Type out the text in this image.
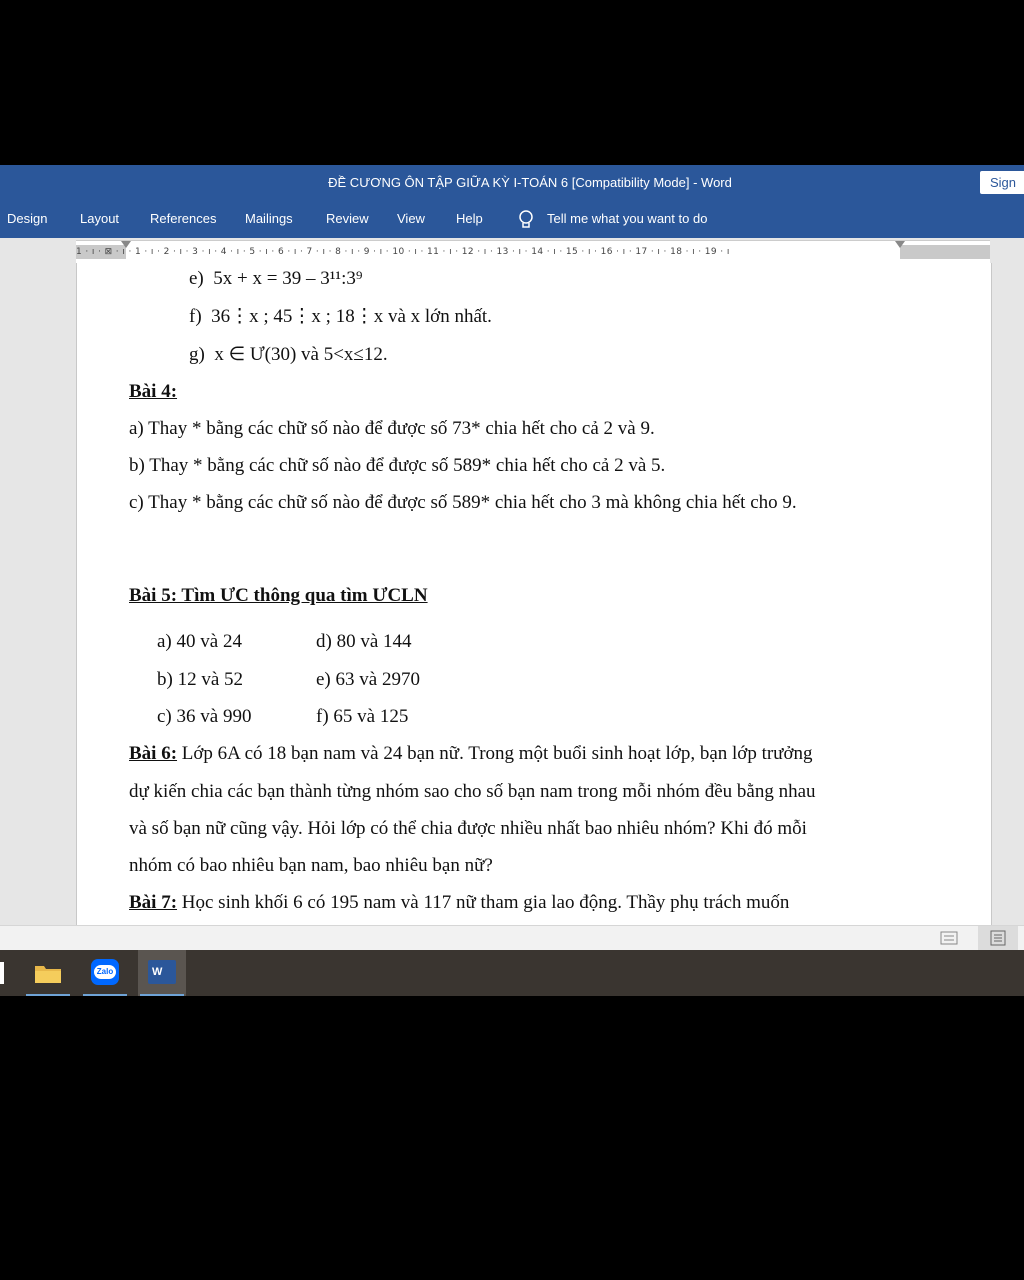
ĐỀ CƯƠNG ÔN TẬP GIỮA KỲ I-TOÁN 6 [Compatibility Mode] - Word	Sign
Design	Layout References Mailings	Review View Help	Tell me what you want to do
1 · ı · ⊠ · ı · 1 · ı · 2 · ı · 3 · ı · 4 · ı · 5 · ı · 6 · ı · 7 · ı · 8 · ı · 9 · ı · 10 · ı · 11 · ı · 12 · ı · 13 · ı · 14 · ı · 15 · ı · 16 · ı · 17 · ı · 18 · ı · 19 · ı
e) 5x + x = 39 – 3¹¹:3⁹
f) 36⋮x ; 45⋮x ; 18⋮x và x lớn nhất.
g) x ∈ Ư(30) và 5<x≤12.
Bài 4:
a) Thay * bằng các chữ số nào để được số 73* chia hết cho cả 2 và 9.
b) Thay * bằng các chữ số nào để được số 589* chia hết cho cả 2 và 5.
c) Thay * bằng các chữ số nào để được số 589* chia hết cho 3 mà không chia hết cho 9.
Bài 5: Tìm ƯC thông qua tìm ƯCLN
a) 40 và 24
b) 12 và 52
c) 36 và 990
d) 80 và 144
e) 63 và 2970
f) 65 và 125
Bài 6: Lớp 6A có 18 bạn nam và 24 bạn nữ. Trong một buổi sinh hoạt lớp, bạn lớp trưởng
dự kiến chia các bạn thành từng nhóm sao cho số bạn nam trong mỗi nhóm đều bằng nhau
và số bạn nữ cũng vậy. Hỏi lớp có thể chia được nhiều nhất bao nhiêu nhóm? Khi đó mỗi
nhóm có bao nhiêu bạn nam, bao nhiêu bạn nữ?
Bài 7: Học sinh khối 6 có 195 nam và 117 nữ tham gia lao động. Thầy phụ trách muốn
Zalo	W
